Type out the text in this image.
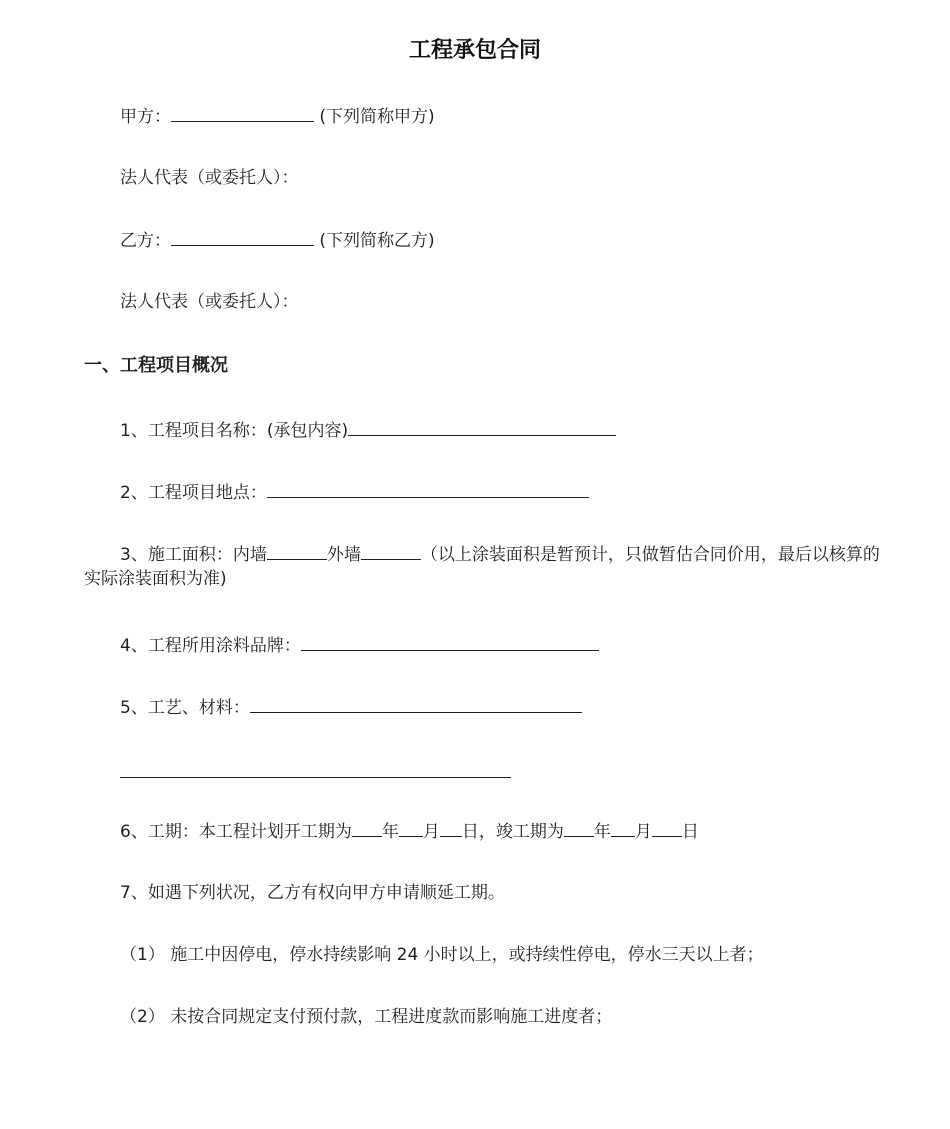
工程承包合同
甲方：	(下列简称甲方)
法人代表（或委托人）：
乙方：	(下列简称乙方)
法人代表（或委托人）：
一、工程项目概况
1、工程项目名称：(承包内容)
2、工程项目地点：
3、施工面积：内墙	外墙	（以上涂装面积是暂预计，只做暂估合同价用，最后以核算的实际涂装面积为准)
4、工程所用涂料品牌：
5、工艺、材料：
6、工期：本工程计划开工期为 年 月 日，竣工期为 年 月 日
7、如遇下列状况，乙方有权向甲方申请顺延工期。
（1） 施工中因停电，停水持续影响 24 小时以上，或持续性停电，停水三天以上者；
（2） 未按合同规定支付预付款，工程进度款而影响施工进度者；
